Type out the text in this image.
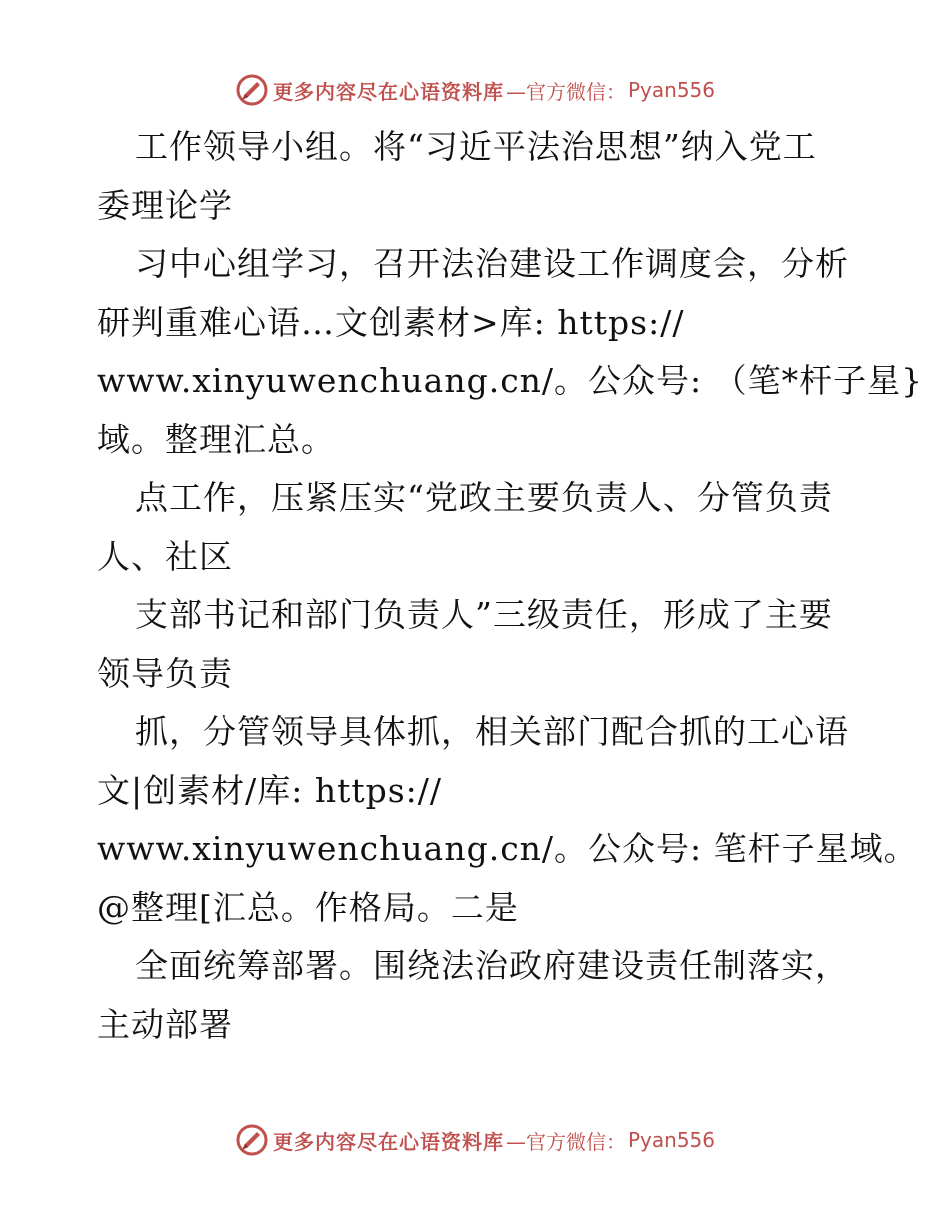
更多内容尽在心语资料库 —官方微信： Pyan556
工作领导小组。将“习近平法治思想”纳入党工
委理论学
习中心组学习，召开法治建设工作调度会，分析
研判重难心语…文创素材>库: https://
www.xinyuwenchuang.cn/。公众号: （笔*杆子星}
域。整理汇总。
点工作，压紧压实“党政主要负责人、分管负责
人、社区
支部书记和部门负责人”三级责任，形成了主要
领导负责
抓，分管领导具体抓，相关部门配合抓的工心语
文|创素材/库: https://
www.xinyuwenchuang.cn/。公众号: 笔杆子星域。
@整理[汇总。作格局。二是
全面统筹部署。围绕法治政府建设责任制落实，
主动部署
更多内容尽在心语资料库 —官方微信： Pyan556
